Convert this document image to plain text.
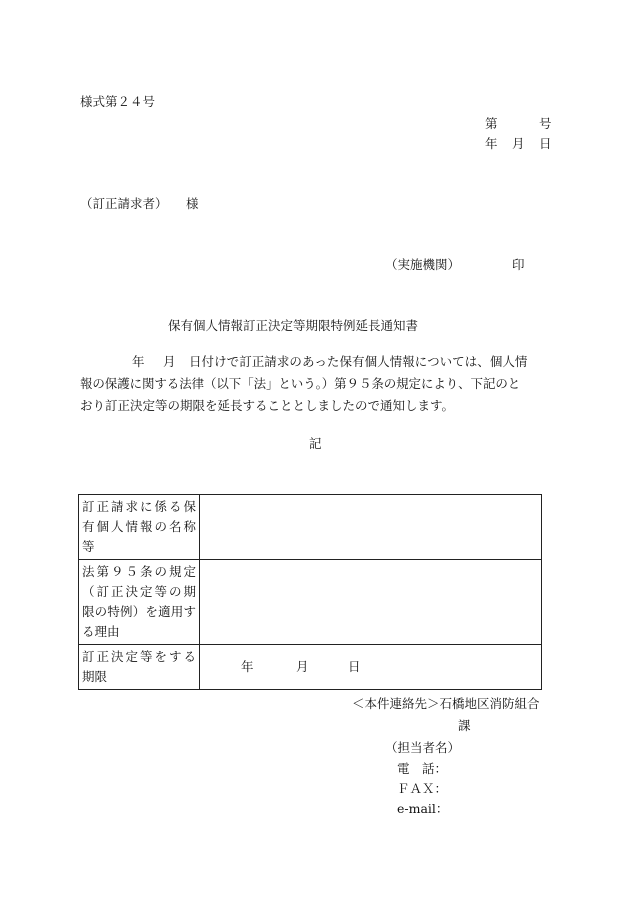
様式第２４号
第	号
年 月 日
（訂正請求者） 様
（実施機関）	印
保有個人情報訂正決定等期限特例延長通知書
年 月 日付けで訂正請求のあった保有個人情報については、個人情
報の保護に関する法律（以下「法」という。）第９５条の規定により、下記のと
おり訂正決定等の期限を延長することとしましたので通知します。
記
訂正請求に係る保
有個人情報の名称
等	

法第９５条の規定
（訂正決定等の期
限の特例）を適用す
る理由	

訂正決定等をする
期限	年 月 日
＜本件連絡先＞石橋地区消防組合
課
（担当者名）
電　話：
ＦＡＸ：
e-mail：
